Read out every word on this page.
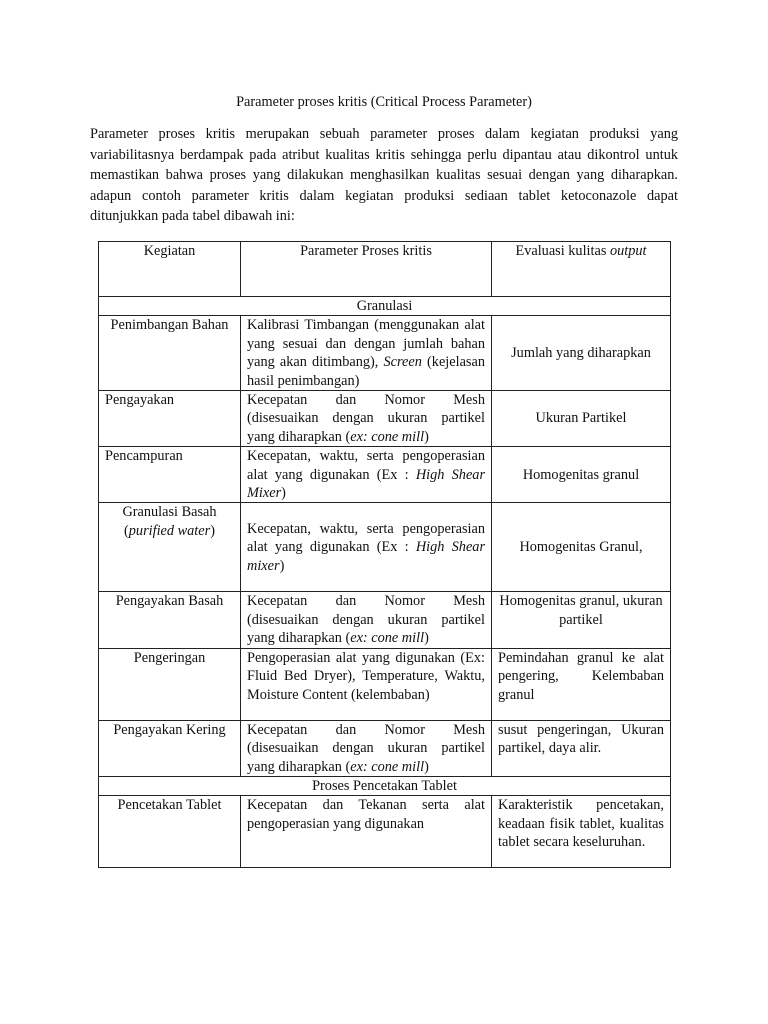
Parameter proses kritis (Critical Process Parameter)

Parameter proses kritis merupakan sebuah parameter proses dalam kegiatan produksi yang variabilitasnya berdampak pada atribut kualitas kritis sehingga perlu dipantau atau dikontrol untuk memastikan bahwa proses yang dilakukan menghasilkan kualitas sesuai dengan yang diharapkan. adapun contoh parameter kritis dalam kegiatan produksi sediaan tablet ketoconazole dapat ditunjukkan pada tabel dibawah ini:

Kegiatan	Parameter Proses kritis	Evaluasi kulitas output
Granulasi		
Penimbangan Bahan	Kalibrasi Timbangan (menggunakan alat yang sesuai dan dengan jumlah bahan yang akan ditimbang), Screen (kejelasan hasil penimbangan)	Jumlah yang diharapkan
Pengayakan	Kecepatan dan Nomor Mesh (disesuaikan dengan ukuran partikel yang diharapkan (ex: cone mill)	Ukuran Partikel
Pencampuran	Kecepatan, waktu, serta pengoperasian alat yang digunakan (Ex : High Shear Mixer)	Homogenitas granul
Granulasi Basah
(purified water)	Kecepatan, waktu, serta pengoperasian alat yang digunakan (Ex : High Shear mixer)	Homogenitas Granul,
Pengayakan Basah	Kecepatan dan Nomor Mesh (disesuaikan dengan ukuran partikel yang diharapkan (ex: cone mill)	Homogenitas granul, ukuran partikel
Pengeringan	Pengoperasian alat yang digunakan (Ex: Fluid Bed Dryer), Temperature, Waktu, Moisture Content (kelembaban)	Pemindahan granul ke alat pengering, Kelembaban granul
Pengayakan Kering	Kecepatan dan Nomor Mesh (disesuaikan dengan ukuran partikel yang diharapkan (ex: cone mill)	susut pengeringan, Ukuran partikel, daya alir.
Proses Pencetakan Tablet		
Pencetakan Tablet	Kecepatan dan Tekanan serta alat pengoperasian yang digunakan	Karakteristik pencetakan, keadaan fisik tablet, kualitas tablet secara keseluruhan.
